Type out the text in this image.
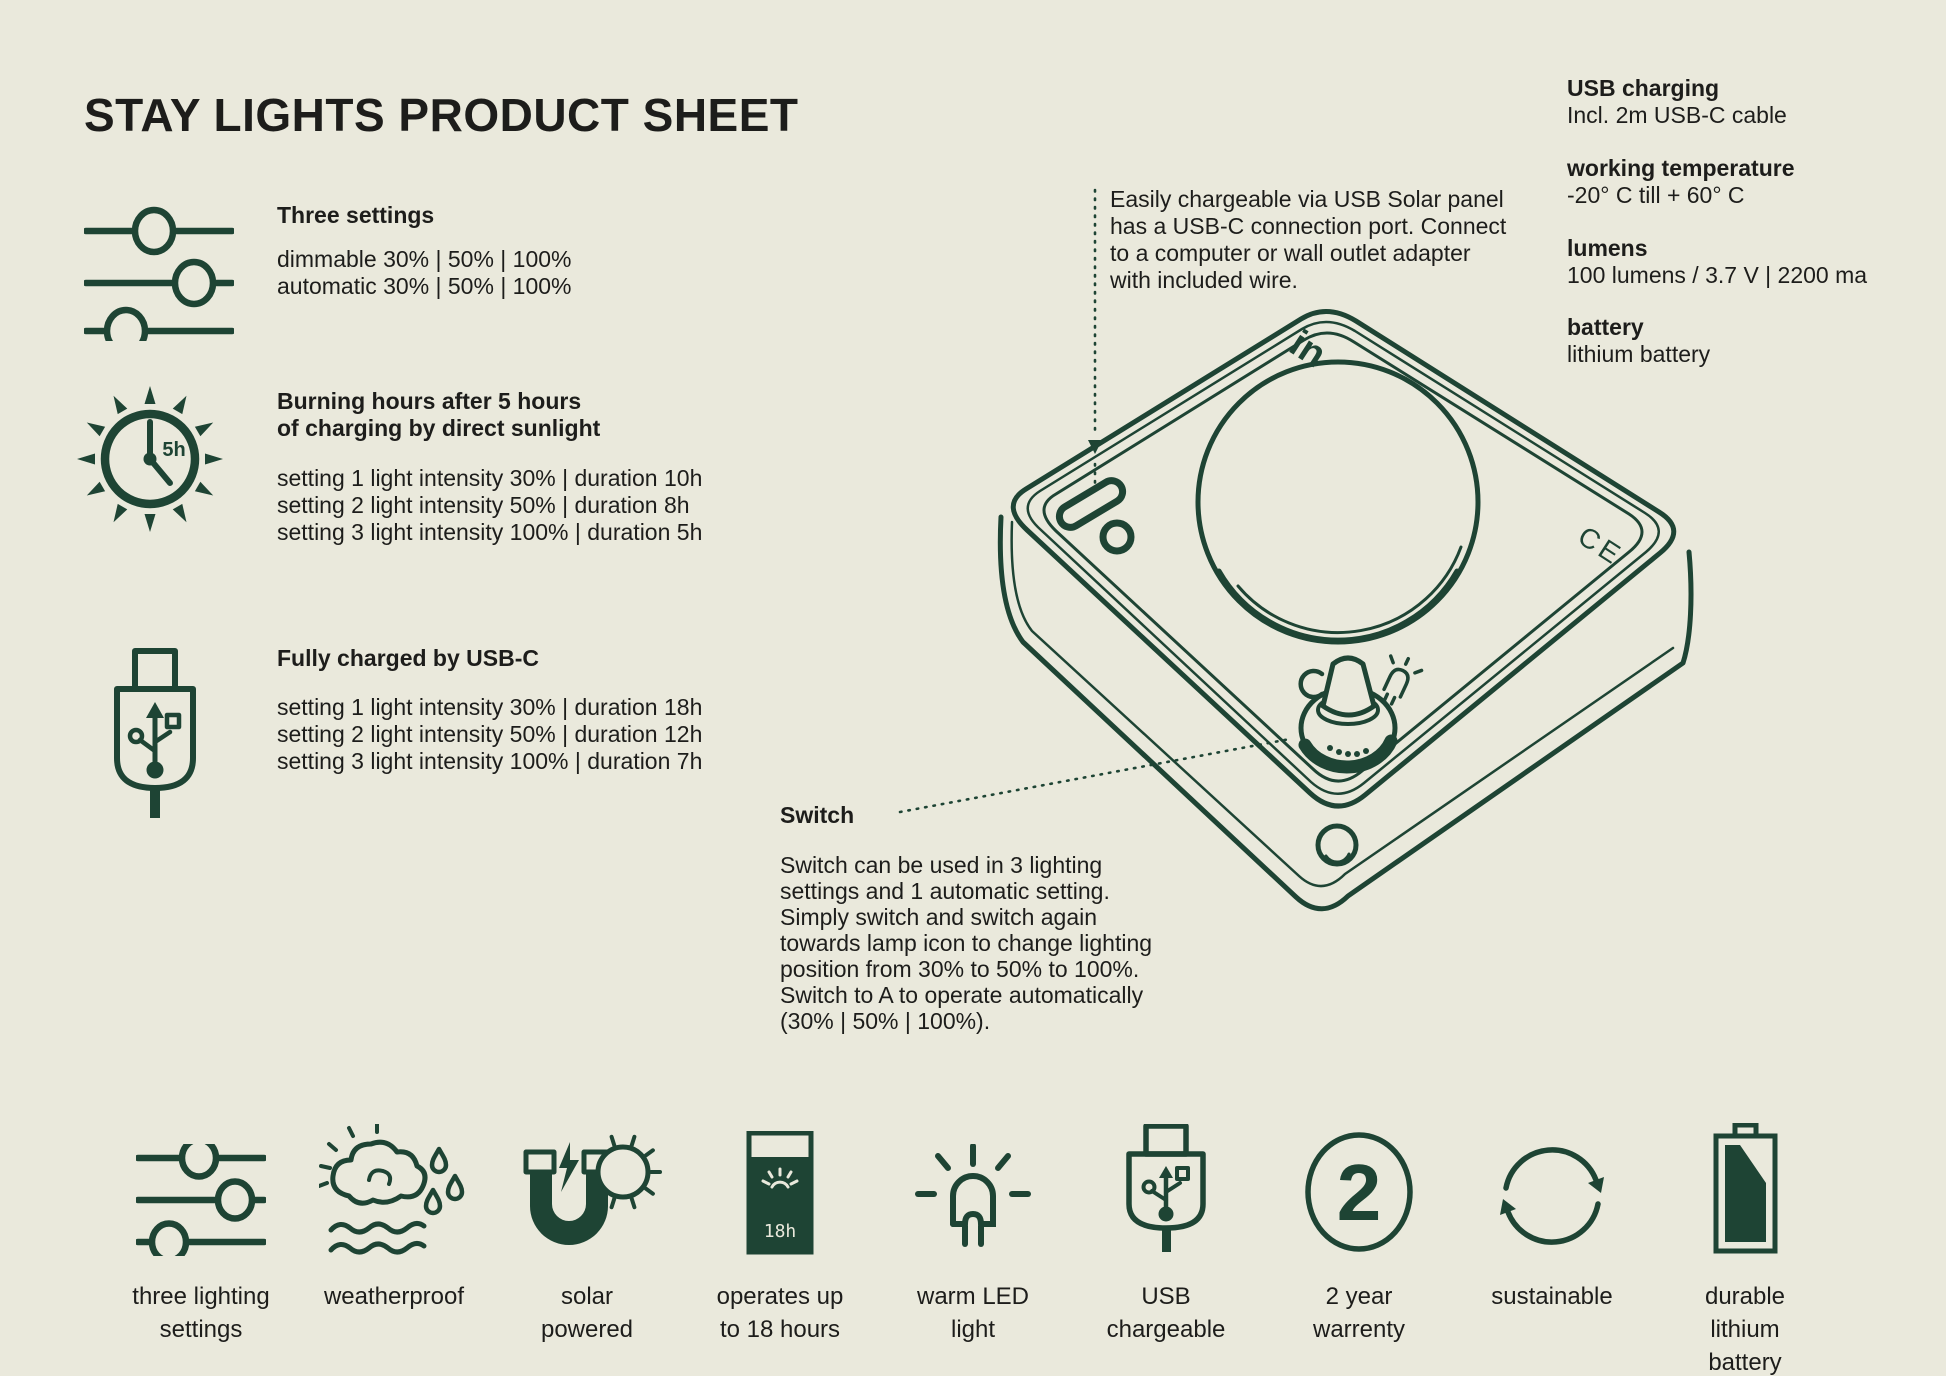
STAY LIGHTS PRODUCT SHEET
Three settings
dimmable 30% | 50% | 100%
automatic 30% | 50% | 100%
5h
Burning hours after 5 hours
of charging by direct sunlight
setting 1 light intensity 30% | duration 10h
setting 2 light intensity 50% | duration 8h
setting 3 light intensity 100% | duration 5h
Fully charged by USB-C
setting 1 light intensity 30% | duration 18h
setting 2 light intensity 50% | duration 12h
setting 3 light intensity 100% | duration 7h
Switch
Switch can be used in 3 lighting
settings and 1 automatic setting.
Simply switch and switch again
towards lamp icon to change lighting
position from 30% to 50% to 100%.
Switch to A to operate automatically
(30% | 50% | 100%).
Easily chargeable via USB Solar panel
has a USB-C connection port. Connect
to a computer or wall outlet adapter
with included wire.
USB charging
Incl. 2m USB-C cable
working temperature
-20° C till + 60° C
lumens
100 lumens / 3.7 V | 2200 ma
battery
lithium battery
in
CE
three lighting
settings
weatherproof	solar
powered
18h
operates up
to 18 hours
warm LED
light
USB
chargeable
2
2 year
warrenty
sustainable	durable
lithium
battery
